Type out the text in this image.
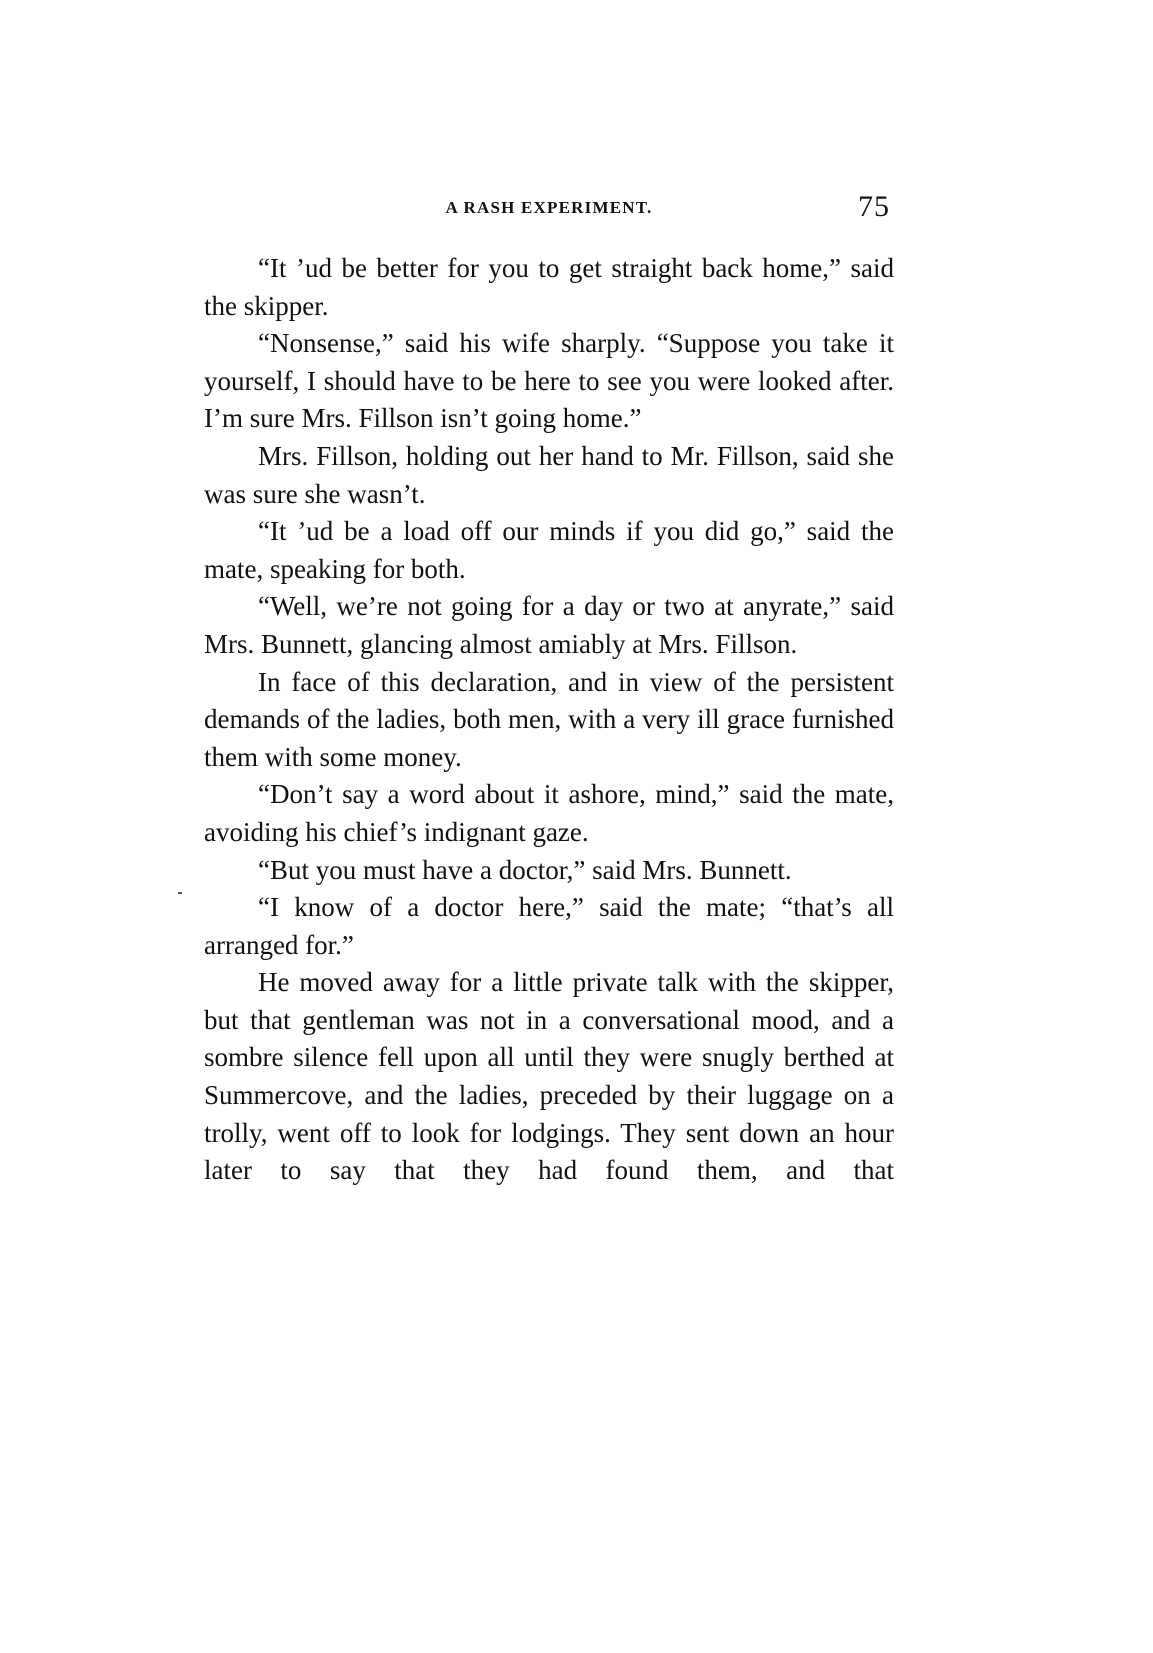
A RASH EXPERIMENT.	75

“It ’ud be better for you to get straight back home,” said the skipper.

“Nonsense,” said his wife sharply. “Suppose you take it yourself, I should have to be here to see you were looked after. I’m sure Mrs. Fillson isn’t going home.”

Mrs. Fillson, holding out her hand to Mr. Fillson, said she was sure she wasn’t.

“It ’ud be a load off our minds if you did go,” said the mate, speaking for both.

“Well, we’re not going for a day or two at anyrate,” said Mrs. Bunnett, glancing almost amiably at Mrs. Fillson.

In face of this declaration, and in view of the persistent demands of the ladies, both men, with a very ill grace furnished them with some money.

“Don’t say a word about it ashore, mind,” said the mate, avoiding his chief’s indignant gaze.

“But you must have a doctor,” said Mrs. Bunnett.

“I know of a doctor here,” said the mate; “that’s all arranged for.”

He moved away for a little private talk with the skipper, but that gentleman was not in a conversational mood, and a sombre silence fell upon all until they were snugly berthed at Summercove, and the ladies, preceded by their luggage on a trolly, went off to look for lodgings. They sent down an hour later to say that they had found them, and that
